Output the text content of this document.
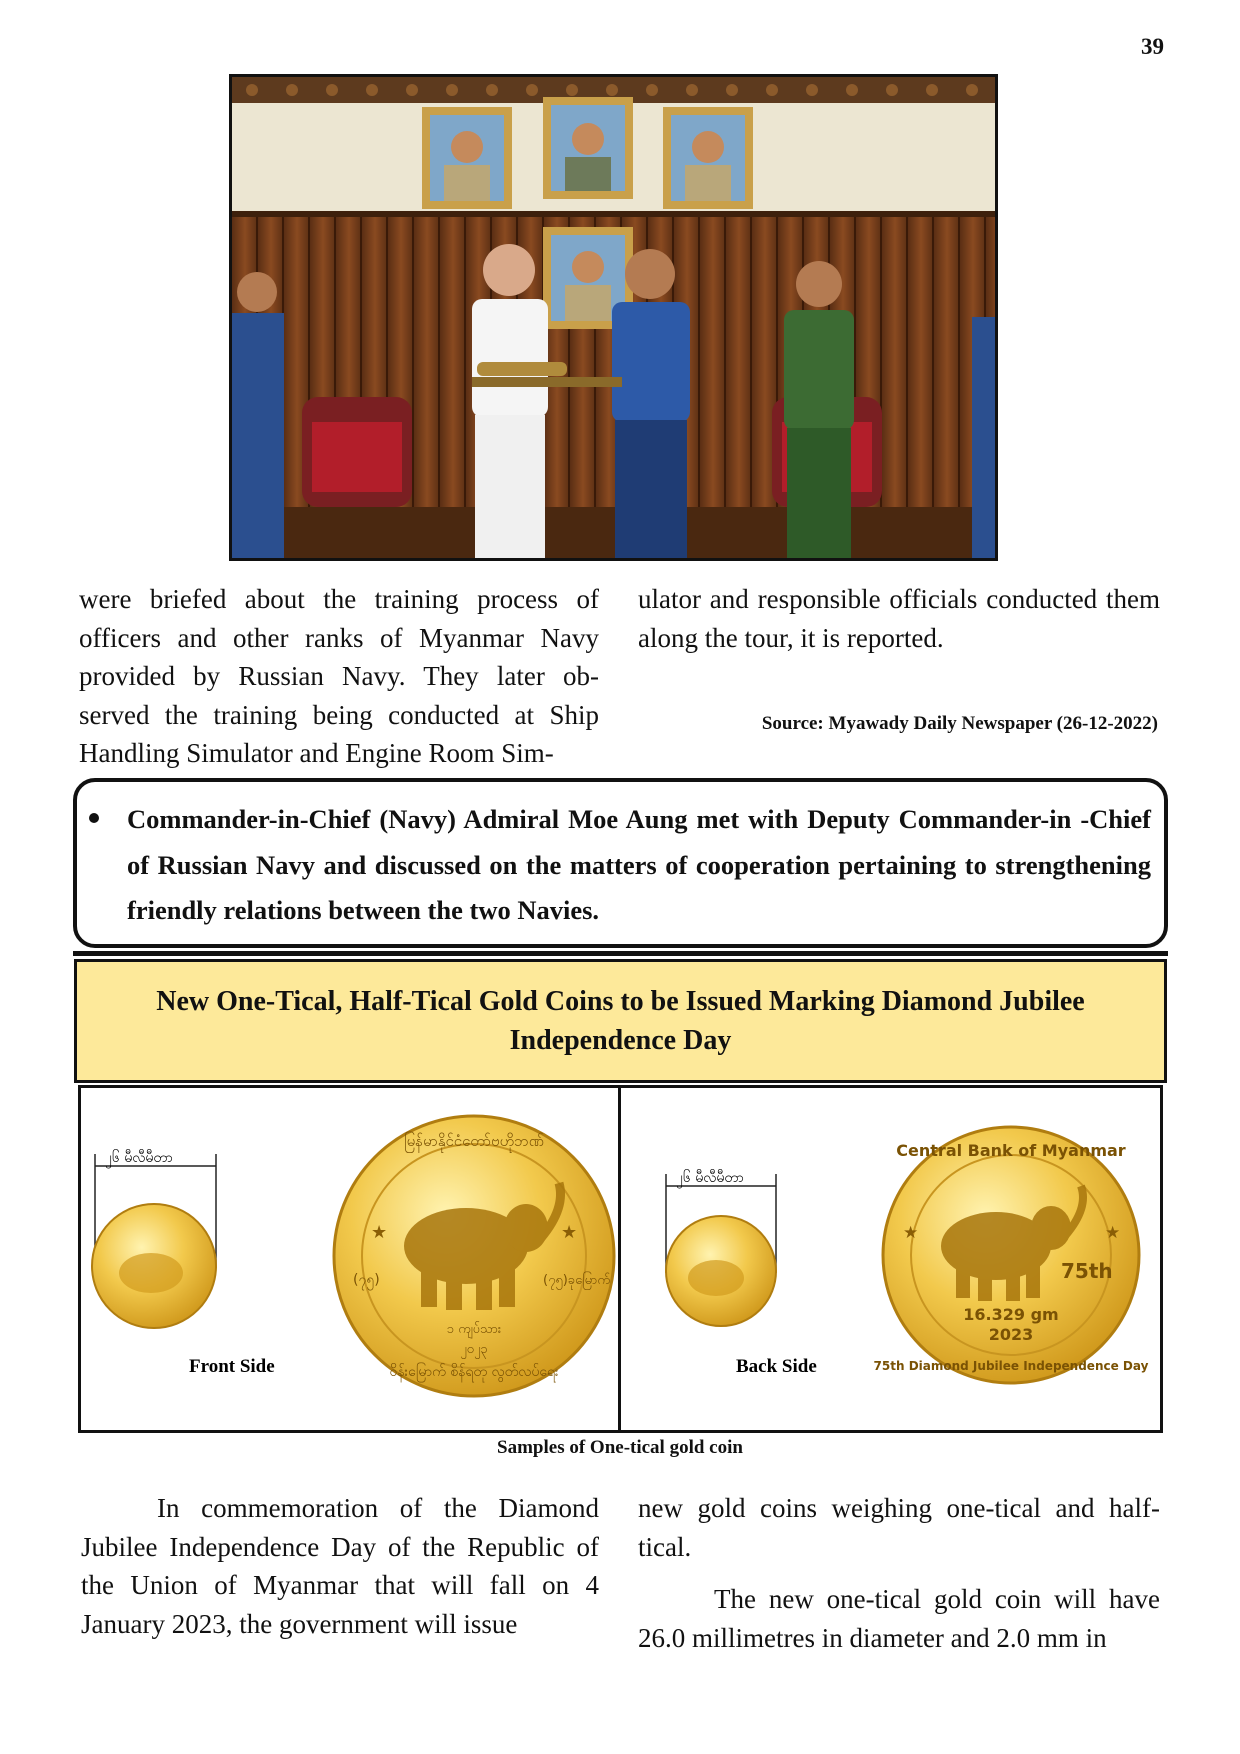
39
were briefed about the training process of officers and other ranks of Myanmar Navy provided by Russian Navy. They later ob-served the training being conducted at Ship Handling Simulator and Engine Room Sim-
ulator and responsible officials conducted them along the tour, it is reported.
Source: Myawady Daily Newspaper (26-12-2022)
Commander-in-Chief (Navy) Admiral Moe Aung met with Deputy Commander-in -Chief of Russian Navy and discussed on the matters of cooperation pertaining to strengthening friendly relations between the two Navies.
New One-Tical, Half-Tical Gold Coins to be Issued Marking Diamond Jubilee Independence Day
၂၆ မီလီမီတာ
★	★
မြန်မာနိုင်ငံတော်ဗဟိုဘဏ်
ဝိန်းမြောက် စိန်ရတု လွတ်လပ်ရေး
(၇၅)	(၇၅)ခုမြောက်
၁ ကျပ်သား
၂၀၂၃
Front Side
၂၆ မီလီမီတာ
★	★
Central Bank of Myanmar
75th
16.329 gm
2023
75th Diamond Jubilee Independence Day
Back Side
Samples of One-tical gold coin
In commemoration of the Diamond Jubilee Independence Day of the Republic of the Union of Myanmar that will fall on 4 January 2023, the government will issue
new gold coins weighing one-tical and half-tical.
The new one-tical gold coin will have 26.0 millimetres in diameter and 2.0 mm in
